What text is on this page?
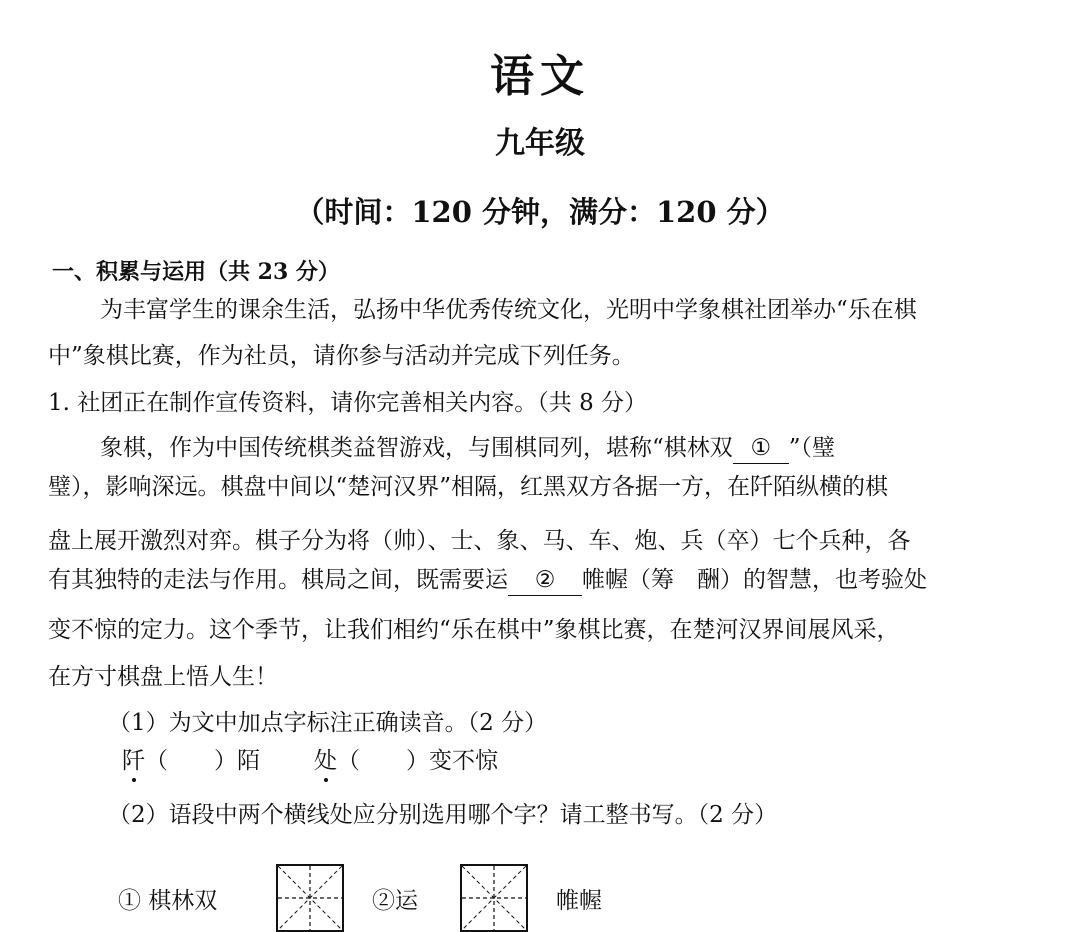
语文
九年级
（时间：120 分钟，满分：120 分）
一、积累与运用（共 23 分）
为丰富学生的课余生活，弘扬中华优秀传统文化，光明中学象棋社团举办“乐在棋
中”象棋比赛，作为社员，请你参与活动并完成下列任务。
1. 社团正在制作宣传资料，请你完善相关内容。（共 8 分）
象棋，作为中国传统棋类益智游戏，与围棋同列，堪称“棋林双 ① ”（璧
璧），影响深远。棋盘中间以“楚河汉界”相隔，红黑双方各据一方，在阡陌纵横的棋
盘上展开激烈对弈。棋子分为将（帅）、士、象、马、车、炮、兵（卒）七个兵种，各
有其独特的走法与作用。棋局之间，既需要运 ② 帷幄（筹　酬）的智慧，也考验处
变不惊的定力。这个季节，让我们相约“乐在棋中”象棋比赛，在楚河汉界间展风采，
在方寸棋盘上悟人生！
（1）为文中加点字标注正确读音。（2 分）
阡（　　）陌 处（　　）变不惊
（2）语段中两个横线处应分别选用哪个字？请工整书写。（2 分）
① 棋林双	②运	帷幄
